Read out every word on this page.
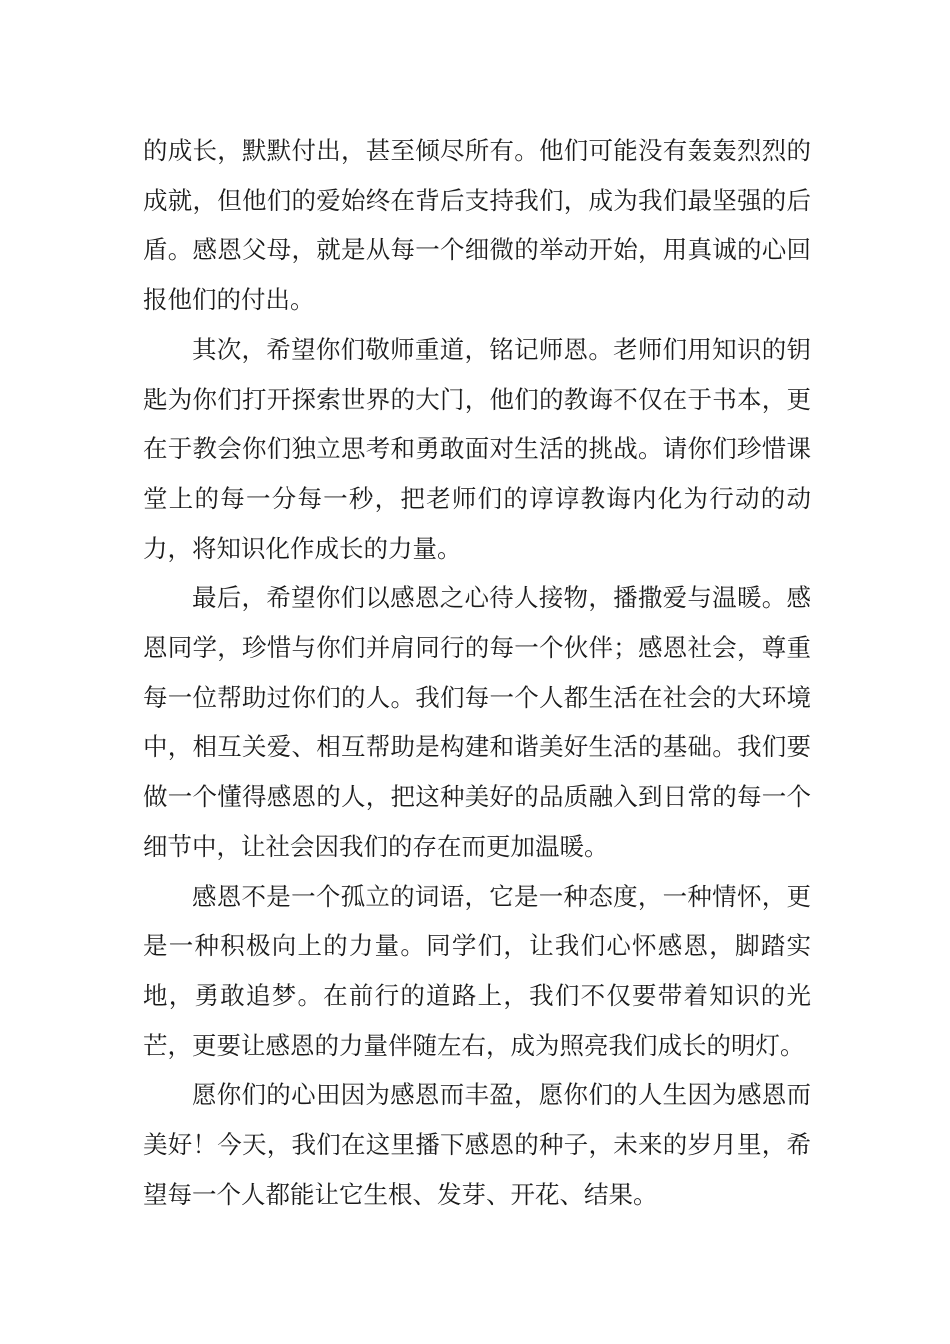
的成长，默默付出，甚至倾尽所有。他们可能没有轰轰烈烈的成就，但他们的爱始终在背后支持我们，成为我们最坚强的后盾。感恩父母，就是从每一个细微的举动开始，用真诚的心回报他们的付出。

其次，希望你们敬师重道，铭记师恩。老师们用知识的钥匙为你们打开探索世界的大门，他们的教诲不仅在于书本，更在于教会你们独立思考和勇敢面对生活的挑战。请你们珍惜课堂上的每一分每一秒，把老师们的谆谆教诲内化为行动的动力，将知识化作成长的力量。

最后，希望你们以感恩之心待人接物，播撒爱与温暖。感恩同学，珍惜与你们并肩同行的每一个伙伴；感恩社会，尊重每一位帮助过你们的人。我们每一个人都生活在社会的大环境中，相互关爱、相互帮助是构建和谐美好生活的基础。我们要做一个懂得感恩的人，把这种美好的品质融入到日常的每一个细节中，让社会因我们的存在而更加温暖。

感恩不是一个孤立的词语，它是一种态度，一种情怀，更是一种积极向上的力量。同学们，让我们心怀感恩，脚踏实地，勇敢追梦。在前行的道路上，我们不仅要带着知识的光芒，更要让感恩的力量伴随左右，成为照亮我们成长的明灯。

愿你们的心田因为感恩而丰盈，愿你们的人生因为感恩而美好！今天，我们在这里播下感恩的种子，未来的岁月里，希望每一个人都能让它生根、发芽、开花、结果。
